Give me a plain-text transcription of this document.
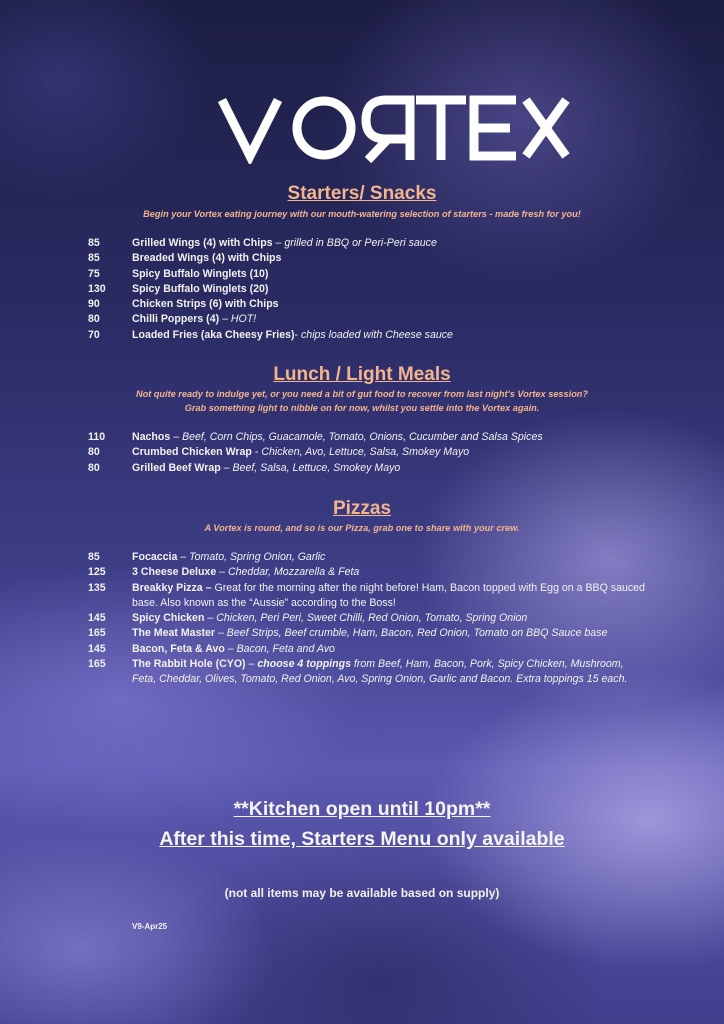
Starters/ Snacks

Begin your Vortex eating journey with our mouth-watering selection of starters - made fresh for you!

85	Grilled Wings (4) with Chips – grilled in BBQ or Peri-Peri sauce
85	Breaded Wings (4) with Chips
75	Spicy Buffalo Winglets (10)
130	Spicy Buffalo Winglets (20)
90	Chicken Strips (6) with Chips
80	Chilli Poppers (4) – HOT!
70	Loaded Fries (aka Cheesy Fries)- chips loaded with Cheese sauce
Lunch / Light Meals

Not quite ready to indulge yet, or you need a bit of gut food to recover from last night's Vortex session?

Grab something light to nibble on for now, whilst you settle into the Vortex again.

110	Nachos – Beef, Corn Chips, Guacamole, Tomato, Onions, Cucumber and Salsa Spices
80	Crumbed Chicken Wrap - Chicken, Avo, Lettuce, Salsa, Smokey Mayo
80	Grilled Beef Wrap – Beef, Salsa, Lettuce, Smokey Mayo
Pizzas

A Vortex is round, and so is our Pizza, grab one to share with your crew.

85	Focaccia – Tomato, Spring Onion, Garlic
125	3 Cheese Deluxe – Cheddar, Mozzarella & Feta
135	Breakky Pizza – Great for the morning after the night before! Ham, Bacon topped with Egg on a BBQ sauced base. Also known as the “Aussie” according to the Boss!
145	Spicy Chicken – Chicken, Peri Peri, Sweet Chilli, Red Onion, Tomato, Spring Onion
165	The Meat Master – Beef Strips, Beef crumble, Ham, Bacon, Red Onion, Tomato on BBQ Sauce base
145	Bacon, Feta & Avo – Bacon, Feta and Avo
165	The Rabbit Hole (CYO) – choose 4 toppings from Beef, Ham, Bacon, Pork, Spicy Chicken, Mushroom, Feta, Cheddar, Olives, Tomato, Red Onion, Avo, Spring Onion, Garlic and Bacon. Extra toppings 15 each.

**Kitchen open until 10pm**

After this time, Starters Menu only available

(not all items may be available based on supply)

V9-Apr25
